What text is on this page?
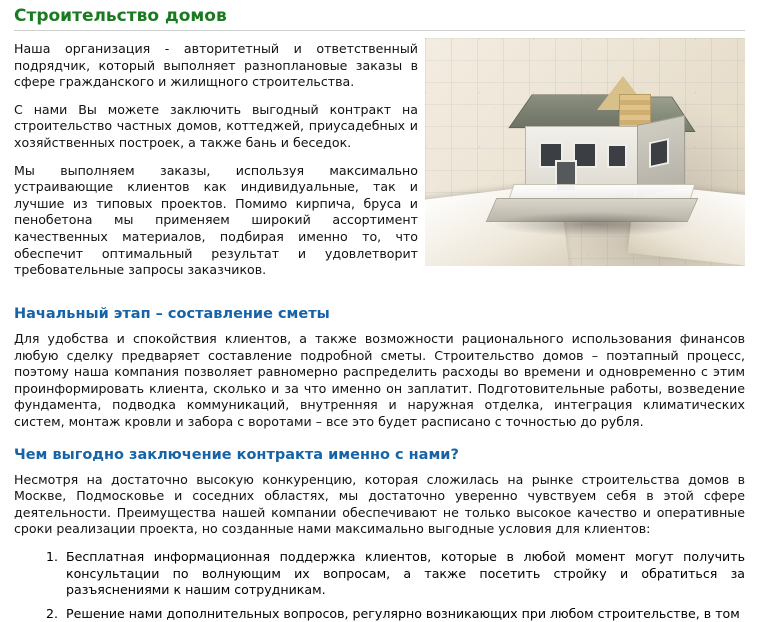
Строительство домов

Наша организация - авторитетный и ответственный подрядчик, который выполняет разноплановые заказы в сфере гражданского и жилищного строительства.

С нами Вы можете заключить выгодный контракт на строительство частных домов, коттеджей, приусадебных и хозяйственных построек, а также бань и беседок.

Мы выполняем заказы, используя максимально устраивающие клиентов как индивидуальные, так и лучшие из типовых проектов. Помимо кирпича, бруса и пенобетона мы применяем широкий ассортимент качественных материалов, подбирая именно то, что обеспечит оптимальный результат и удовлетворит требовательные запросы заказчиков.

Начальный этап – составление сметы

Для удобства и спокойствия клиентов, а также возможности рационального использования финансов любую сделку предваряет составление подробной сметы. Строительство домов – поэтапный процесс, поэтому наша компания позволяет равномерно распределить расходы во времени и одновременно с этим проинформировать клиента, сколько и за что именно он заплатит. Подготовительные работы, возведение фундамента, подводка коммуникаций, внутренняя и наружная отделка, интеграция климатических систем, монтаж кровли и забора с воротами – все это будет расписано с точностью до рубля.

Чем выгодно заключение контракта именно с нами?

Несмотря на достаточно высокую конкуренцию, которая сложилась на рынке строительства домов в Москве, Подмосковье и соседних областях, мы достаточно уверенно чувствуем себя в этой сфере деятельности. Преимущества нашей компании обеспечивают не только высокое качество и оперативные сроки реализации проекта, но созданные нами максимально выгодные условия для клиентов:

1. Бесплатная информационная поддержка клиентов, которые в любой момент могут получить консультации по волнующим их вопросам, а также посетить стройку и обратиться за разъяснениями к нашим сотрудникам.
2. Решение нами дополнительных вопросов, регулярно возникающих при любом строительстве, в том
